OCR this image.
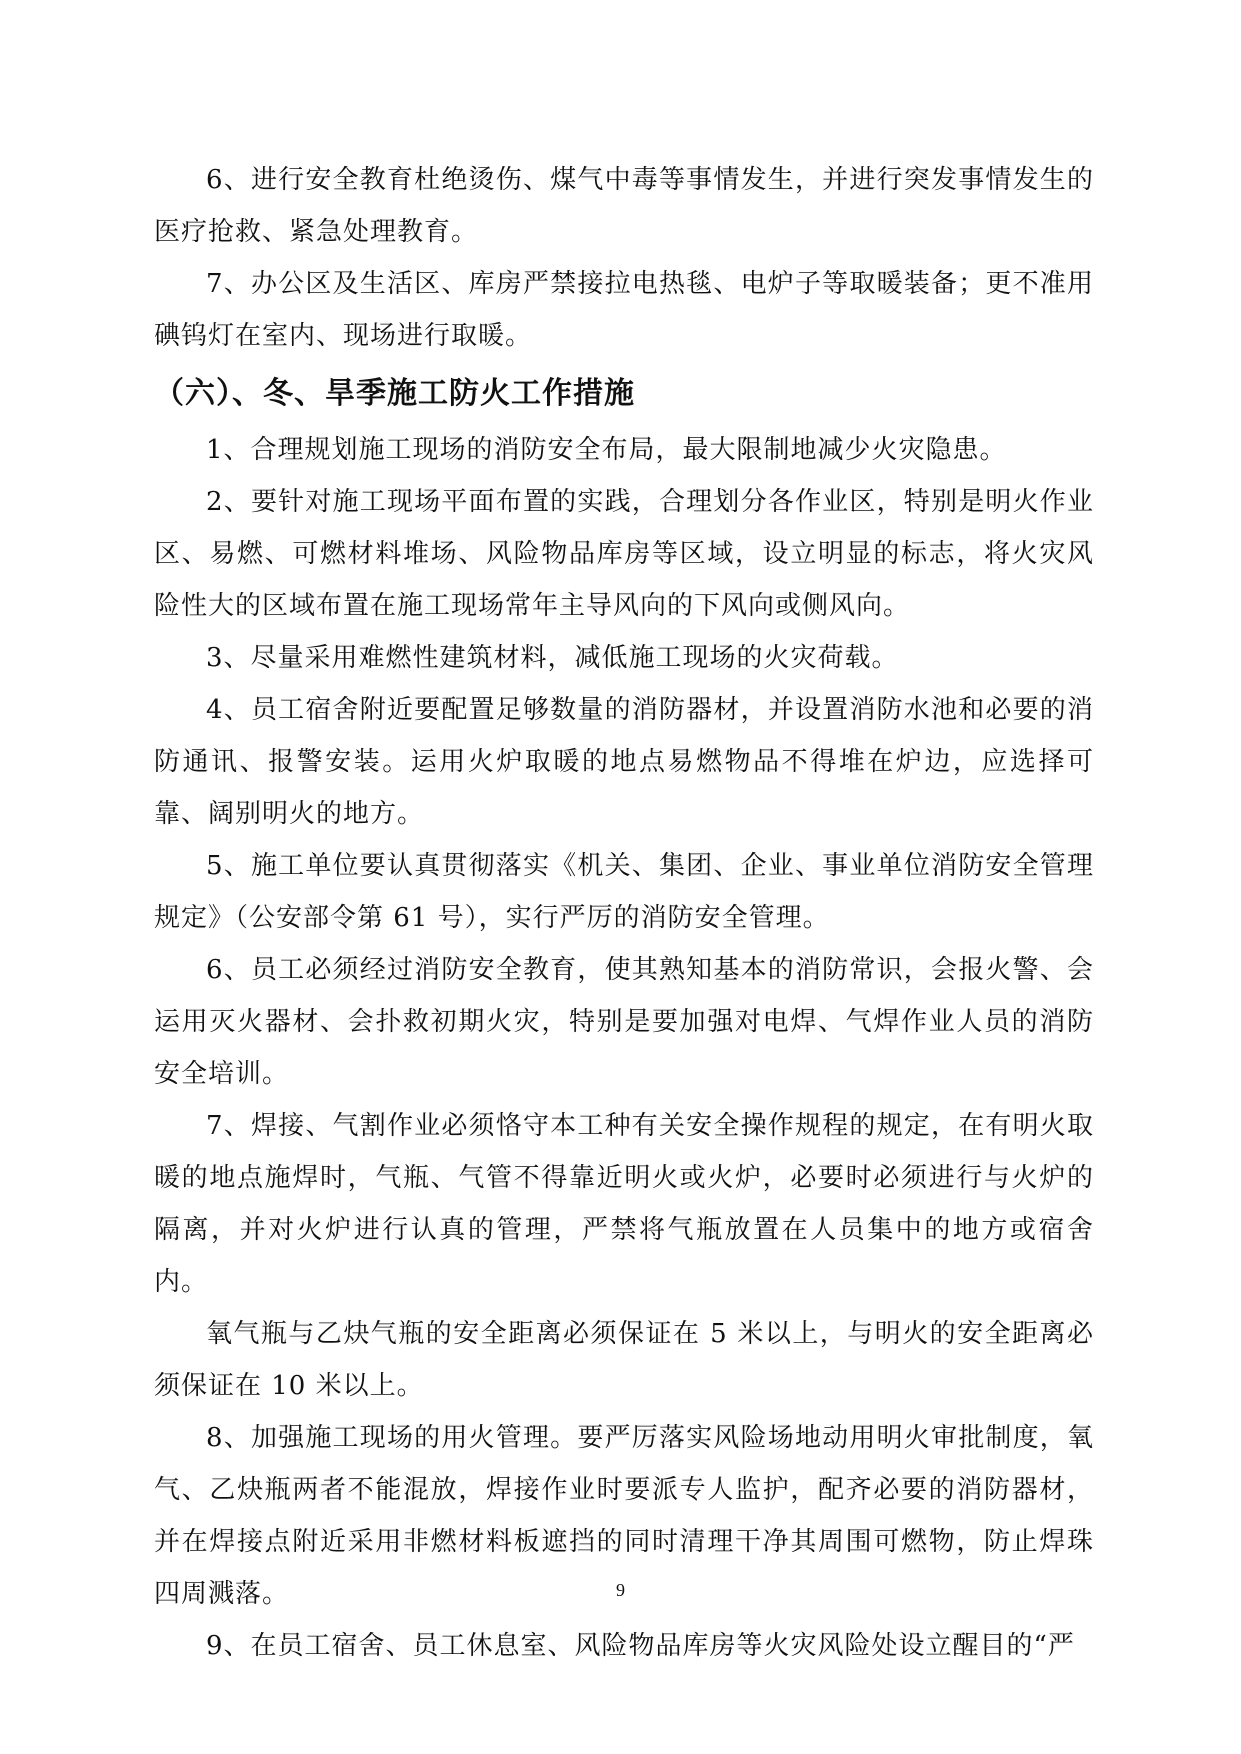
6、进行安全教育杜绝烫伤、煤气中毒等事情发生，并进行突发事情发生的医疗抢救、紧急处理教育。

7、办公区及生活区、库房严禁接拉电热毯、电炉子等取暖装备；更不准用碘钨灯在室内、现场进行取暖。

（六）、冬、旱季施工防火工作措施

1、合理规划施工现场的消防安全布局，最大限制地减少火灾隐患。

2、要针对施工现场平面布置的实践，合理划分各作业区，特别是明火作业区、易燃、可燃材料堆场、风险物品库房等区域，设立明显的标志，将火灾风险性大的区域布置在施工现场常年主导风向的下风向或侧风向。

3、尽量采用难燃性建筑材料，减低施工现场的火灾荷载。

4、员工宿舍附近要配置足够数量的消防器材，并设置消防水池和必要的消防通讯、报警安装。运用火炉取暖的地点易燃物品不得堆在炉边，应选择可靠、阔别明火的地方。

5、施工单位要认真贯彻落实《机关、集团、企业、事业单位消防安全管理规定》（公安部令第 61 号），实行严厉的消防安全管理。

6、员工必须经过消防安全教育，使其熟知基本的消防常识，会报火警、会运用灭火器材、会扑救初期火灾，特别是要加强对电焊、气焊作业人员的消防安全培训。

7、焊接、气割作业必须恪守本工种有关安全操作规程的规定，在有明火取暖的地点施焊时，气瓶、气管不得靠近明火或火炉，必要时必须进行与火炉的隔离，并对火炉进行认真的管理，严禁将气瓶放置在人员集中的地方或宿舍内。

氧气瓶与乙炔气瓶的安全距离必须保证在 5 米以上，与明火的安全距离必须保证在 10 米以上。

8、加强施工现场的用火管理。要严厉落实风险场地动用明火审批制度，氧气、乙炔瓶两者不能混放，焊接作业时要派专人监护，配齐必要的消防器材，并在焊接点附近采用非燃材料板遮挡的同时清理干净其周围可燃物，防止焊珠四周溅落。

9、在员工宿舍、员工休息室、风险物品库房等火灾风险处设立醒目的“严

9
